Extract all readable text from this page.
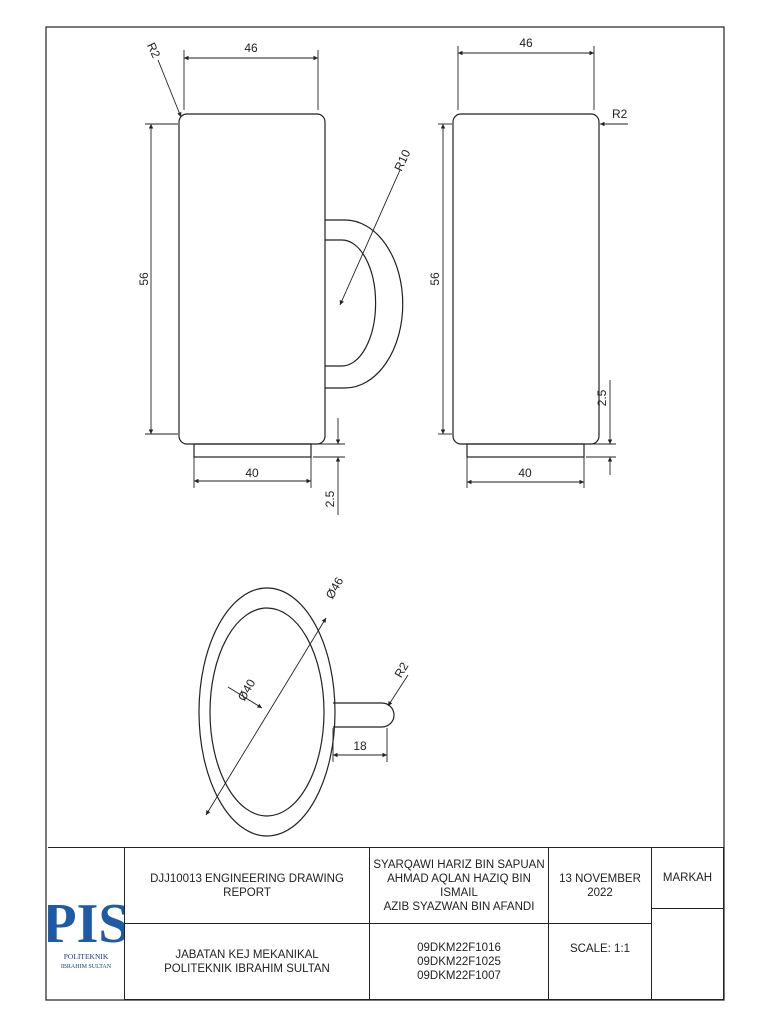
46
56
R2
R10
40
2.5
46
56
R2
2.5
40
Ø46
Ø40
R2
18
PIS
POLITEKNIK
IBRAHIM SULTAN
DJJ10013 ENGINEERING DRAWING REPORT
JABATAN KEJ MEKANIKAL
POLITEKNIK IBRAHIM SULTAN
SYARQAWI HARIZ BIN SAPUAN
AHMAD AQLAN HAZIQ BIN ISMAIL
AZIB SYAZWAN BIN AFANDI
09DKM22F1016
09DKM22F1025
09DKM22F1007
13 NOVEMBER
2022
SCALE: 1:1
MARKAH
